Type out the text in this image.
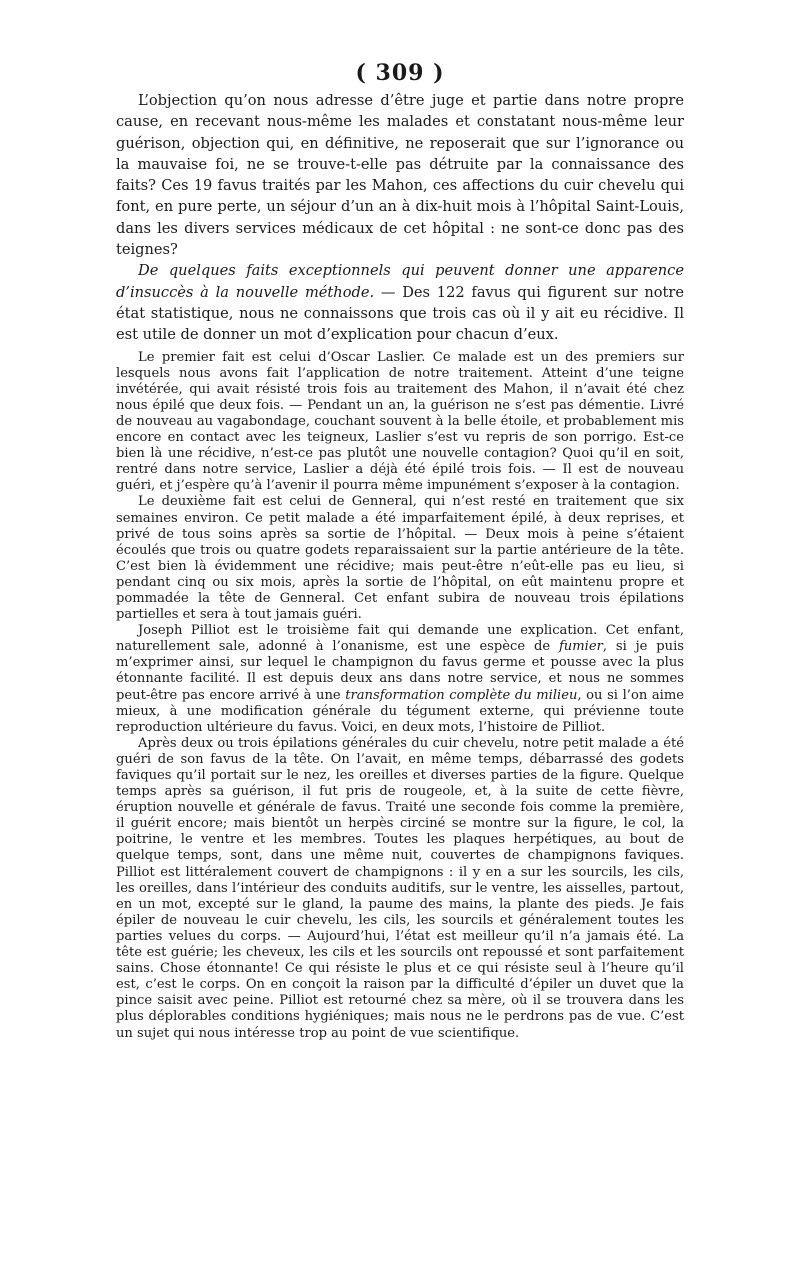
( 309 )

L’objection qu’on nous adresse d’être juge et partie dans notre propre cause, en recevant nous-même les malades et constatant nous-même leur guérison, objection qui, en définitive, ne reposerait que sur l’ignorance ou la mauvaise foi, ne se trouve-t-elle pas détruite par la connaissance des faits? Ces 19 favus traités par les Mahon, ces affections du cuir chevelu qui font, en pure perte, un séjour d’un an à dix-huit mois à l’hôpital Saint-Louis, dans les divers services médicaux de cet hôpital : ne sont-ce donc pas des teignes?

De quelques faits exceptionnels qui peuvent donner une apparence d’insuccès à la nouvelle méthode. — Des 122 favus qui figurent sur notre état statistique, nous ne connaissons que trois cas où il y ait eu récidive. Il est utile de donner un mot d’explication pour chacun d’eux.

Le premier fait est celui d’Oscar Laslier. Ce malade est un des premiers sur lesquels nous avons fait l’application de notre traitement. Atteint d’une teigne invétérée, qui avait résisté trois fois au traitement des Mahon, il n’avait été chez nous épilé que deux fois. — Pendant un an, la guérison ne s’est pas démentie. Livré de nouveau au vagabondage, couchant souvent à la belle étoile, et probablement mis encore en contact avec les teigneux, Laslier s’est vu repris de son porrigo. Est-ce bien là une récidive, n’est-ce pas plutôt une nouvelle contagion? Quoi qu’il en soit, rentré dans notre service, Laslier a déjà été épilé trois fois. — Il est de nouveau guéri, et j’espère qu’à l’avenir il pourra même impunément s’exposer à la contagion.

Le deuxième fait est celui de Genneral, qui n’est resté en traitement que six semaines environ. Ce petit malade a été imparfaitement épilé, à deux reprises, et privé de tous soins après sa sortie de l’hôpital. — Deux mois à peine s’étaient écoulés que trois ou quatre godets reparaissaient sur la partie antérieure de la tête. C’est bien là évidemment une récidive; mais peut-être n’eût-elle pas eu lieu, si pendant cinq ou six mois, après la sortie de l’hôpital, on eût maintenu propre et pommadée la tête de Genneral. Cet enfant subira de nouveau trois épilations partielles et sera à tout jamais guéri.

Joseph Pilliot est le troisième fait qui demande une explication. Cet enfant, naturellement sale, adonné à l’onanisme, est une espèce de fumier, si je puis m’exprimer ainsi, sur lequel le champignon du favus germe et pousse avec la plus étonnante facilité. Il est depuis deux ans dans notre service, et nous ne sommes peut-être pas encore arrivé à une transformation complète du milieu, ou si l’on aime mieux, à une modification générale du tégument externe, qui prévienne toute reproduction ultérieure du favus. Voici, en deux mots, l’histoire de Pilliot.

Après deux ou trois épilations générales du cuir chevelu, notre petit malade a été guéri de son favus de la tête. On l’avait, en même temps, débarrassé des godets faviques qu’il portait sur le nez, les oreilles et diverses parties de la figure. Quelque temps après sa guérison, il fut pris de rougeole, et, à la suite de cette fièvre, éruption nouvelle et générale de favus. Traité une seconde fois comme la première, il guérit encore; mais bientôt un herpès circiné se montre sur la figure, le col, la poitrine, le ventre et les membres. Toutes les plaques herpétiques, au bout de quelque temps, sont, dans une même nuit, couvertes de champignons faviques. Pilliot est littéralement couvert de champignons : il y en a sur les sourcils, les cils, les oreilles, dans l’intérieur des conduits auditifs, sur le ventre, les aisselles, partout, en un mot, excepté sur le gland, la paume des mains, la plante des pieds. Je fais épiler de nouveau le cuir chevelu, les cils, les sourcils et généralement toutes les parties velues du corps. — Aujourd’hui, l’état est meilleur qu’il n’a jamais été. La tête est guérie; les cheveux, les cils et les sourcils ont repoussé et sont parfaitement sains. Chose étonnante! Ce qui résiste le plus et ce qui résiste seul à l’heure qu’il est, c’est le corps. On en conçoit la raison par la difficulté d’épiler un duvet que la pince saisit avec peine. Pilliot est retourné chez sa mère, où il se trouvera dans les plus déplorables conditions hygiéniques; mais nous ne le perdrons pas de vue. C’est un sujet qui nous intéresse trop au point de vue scientifique.
